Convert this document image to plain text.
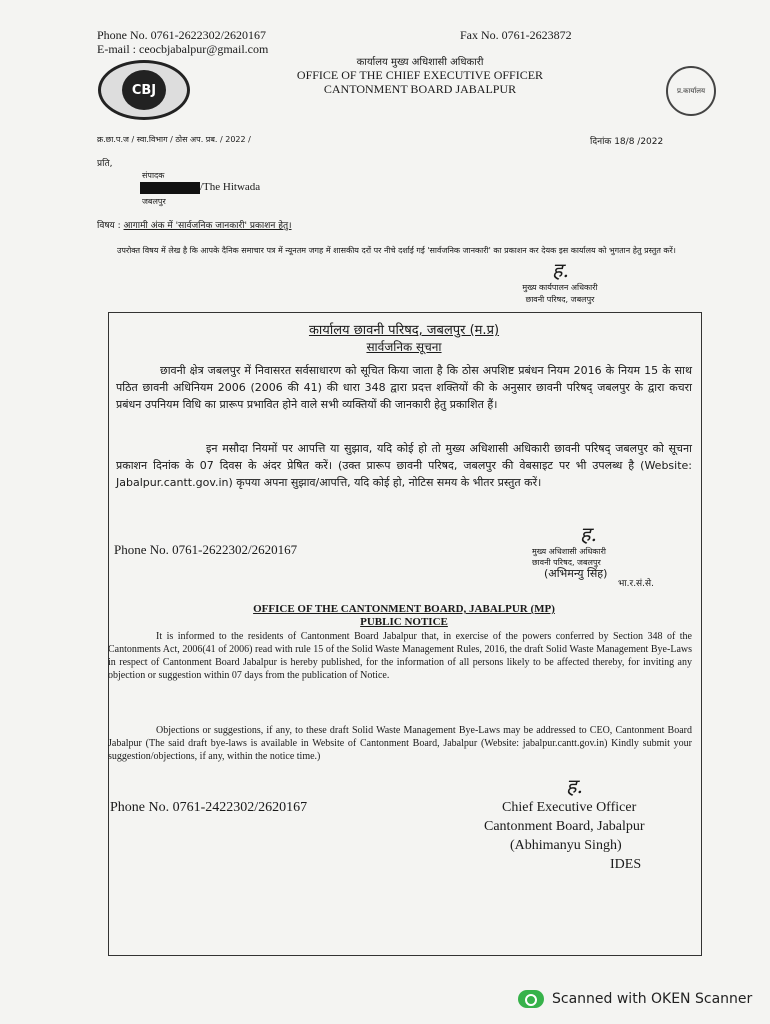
Phone No. 0761-2622302/2620167
E-mail : ceocbjabalpur@gmail.com
Fax No. 0761-2623872
CBJ
कार्यालय मुख्य अधिशासी अधिकारी
OFFICE OF THE CHIEF EXECUTIVE OFFICER
CANTONMENT BOARD JABALPUR	प्र.कार्यालय
क्र.छा.प.ज / स्वा.विभाग / ठोस अप. प्रब. / 2022 /	दिनांक 18/8 /2022
प्रति,
संपादक
/The Hitwada
जबलपुर
विषय : आगामी अंक में 'सार्वजनिक जानकारी' प्रकाशन हेतु।
उपरोक्त विषय में लेख है कि आपके दैनिक समाचार पत्र में न्यूनतम जगह में शासकीय दरों पर नीचे दर्शाई गई 'सार्वजनिक जानकारी' का प्रकाशन कर देयक इस कार्यालय को भुगतान हेतु प्रस्तुत करें।
ह.
मुख्य कार्यपालन अधिकारी
छावनी परिषद, जबलपुर
कार्यालय छावनी परिषद, जबलपुर (म.प्र)
सार्वजनिक सूचना
छावनी क्षेत्र जबलपुर में निवासरत सर्वसाधारण को सूचित किया जाता है कि ठोस अपशिष्ट प्रबंधन नियम 2016 के नियम 15 के साथ पठित छावनी अधिनियम 2006 (2006 की 41) की धारा 348 द्वारा प्रदत्त शक्तियों की के अनुसार छावनी परिषद् जबलपुर के द्वारा कचरा प्रबंधन उपनियम विधि का प्रारूप प्रभावित होने वाले सभी व्यक्तियों की जानकारी हेतु प्रकाशित हैं।
इन मसौदा नियमों पर आपत्ति या सुझाव, यदि कोई हो तो मुख्य अधिशासी अधिकारी छावनी परिषद् जबलपुर को सूचना प्रकाशन दिनांक के 07 दिवस के अंदर प्रेषित करें। (उक्त प्रारूप छावनी परिषद, जबलपुर की वेबसाइट पर भी उपलब्ध है (Website: Jabalpur.cantt.gov.in) कृपया अपना सुझाव/आपत्ति, यदि कोई हो, नोटिस समय के भीतर प्रस्तुत करें।
Phone No. 0761-2622302/2620167
ह.
मुख्य अधिशासी अधिकारी
छावनी परिषद, जबलपुर
(अभिमन्यु सिंह)
भा.र.सं.से.
OFFICE OF THE CANTONMENT BOARD, JABALPUR (MP)
PUBLIC NOTICE
It is informed to the residents of Cantonment Board Jabalpur that, in exercise of the powers conferred by Section 348 of the Cantonments Act, 2006(41 of 2006) read with rule 15 of the Solid Waste Management Rules, 2016, the draft Solid Waste Management Bye-Laws in respect of Cantonment Board Jabalpur is hereby published, for the information of all persons likely to be affected thereby, for inviting any objection or suggestion within 07 days from the publication of Notice.
Objections or suggestions, if any, to these draft Solid Waste Management Bye-Laws may be addressed to CEO, Cantonment Board Jabalpur (The said draft bye-laws is available in Website of Cantonment Board, Jabalpur (Website: jabalpur.cantt.gov.in) Kindly submit your suggestion/objections, if any, within the notice time.)
Phone No. 0761-2422302/2620167
ह.
Chief Executive Officer
Cantonment Board, Jabalpur
(Abhimanyu Singh)
IDES
Scanned with OKEN Scanner
